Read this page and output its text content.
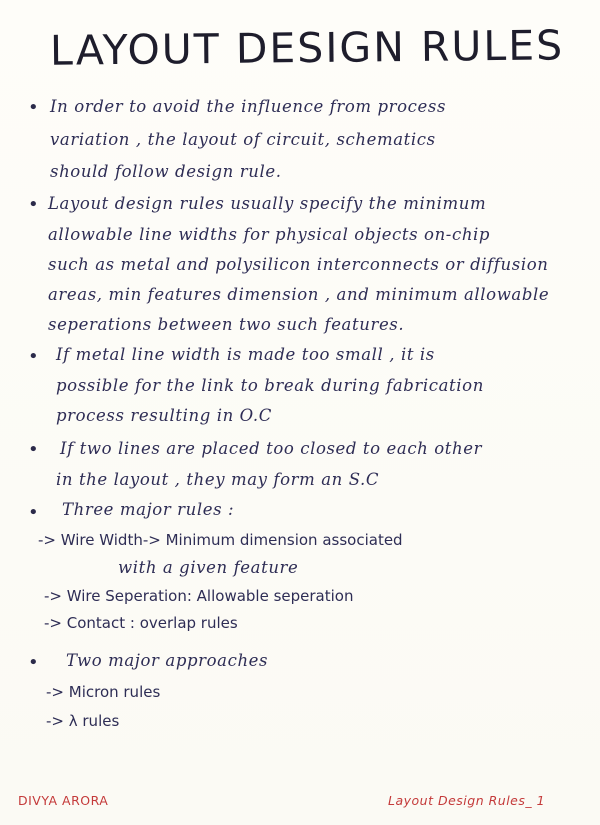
LAYOUT DESIGN RULES
• In order to avoid the influence from process
variation , the layout of circuit, schematics
should follow design rule.
• Layout design rules usually specify the minimum
allowable line widths for physical objects on-chip
such as metal and polysilicon interconnects or diffusion
areas, min features dimension , and minimum allowable
seperations between two such features.
• If metal line width is made too small , it is
possible for the link to break during fabrication
process resulting in O.C
• If two lines are placed too closed to each other
in the layout , they may form an S.C
• Three major rules :
-> Wire Width-> Minimum dimension associated
with a given feature
-> Wire Seperation: Allowable seperation
-> Contact : overlap rules
• Two major approaches
-> Micron rules
-> λ rules
DIVYA ARORA	Layout Design Rules_ 1
